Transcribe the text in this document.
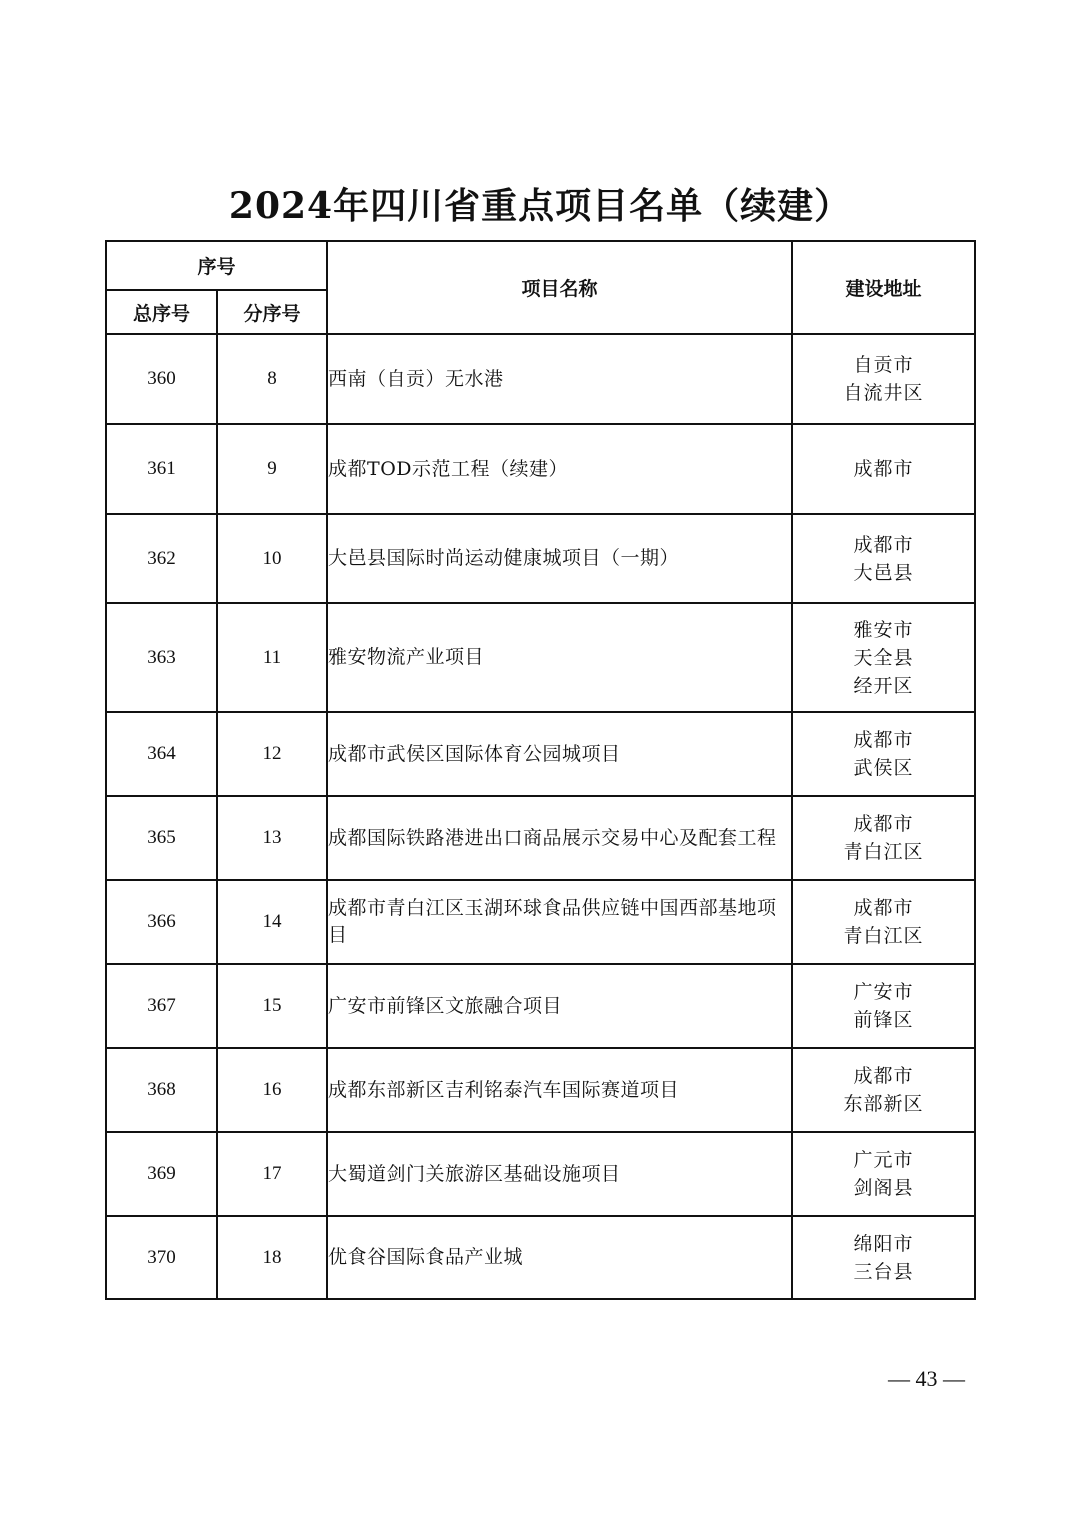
2024年四川省重点项目名单（续建）
序号		项目名称	建设地址
总序号	分序号		
360	8	西南（自贡）无水港	自贡市
自流井区

361	9	成都TOD示范工程（续建）	成都市

362	10	大邑县国际时尚运动健康城项目（一期）	成都市
大邑县

363	11	雅安物流产业项目	雅安市
天全县
经开区

364	12	成都市武侯区国际体育公园城项目	成都市
武侯区

365	13	成都国际铁路港进出口商品展示交易中心及配套工程	成都市
青白江区

366	14	成都市青白江区玉湖环球食品供应链中国西部基地项目	成都市
青白江区

367	15	广安市前锋区文旅融合项目	广安市
前锋区

368	16	成都东部新区吉利铭泰汽车国际赛道项目	成都市
东部新区

369	17	大蜀道剑门关旅游区基础设施项目	广元市
剑阁县

370	18	优食谷国际食品产业城	绵阳市
三台县
— 43 —
